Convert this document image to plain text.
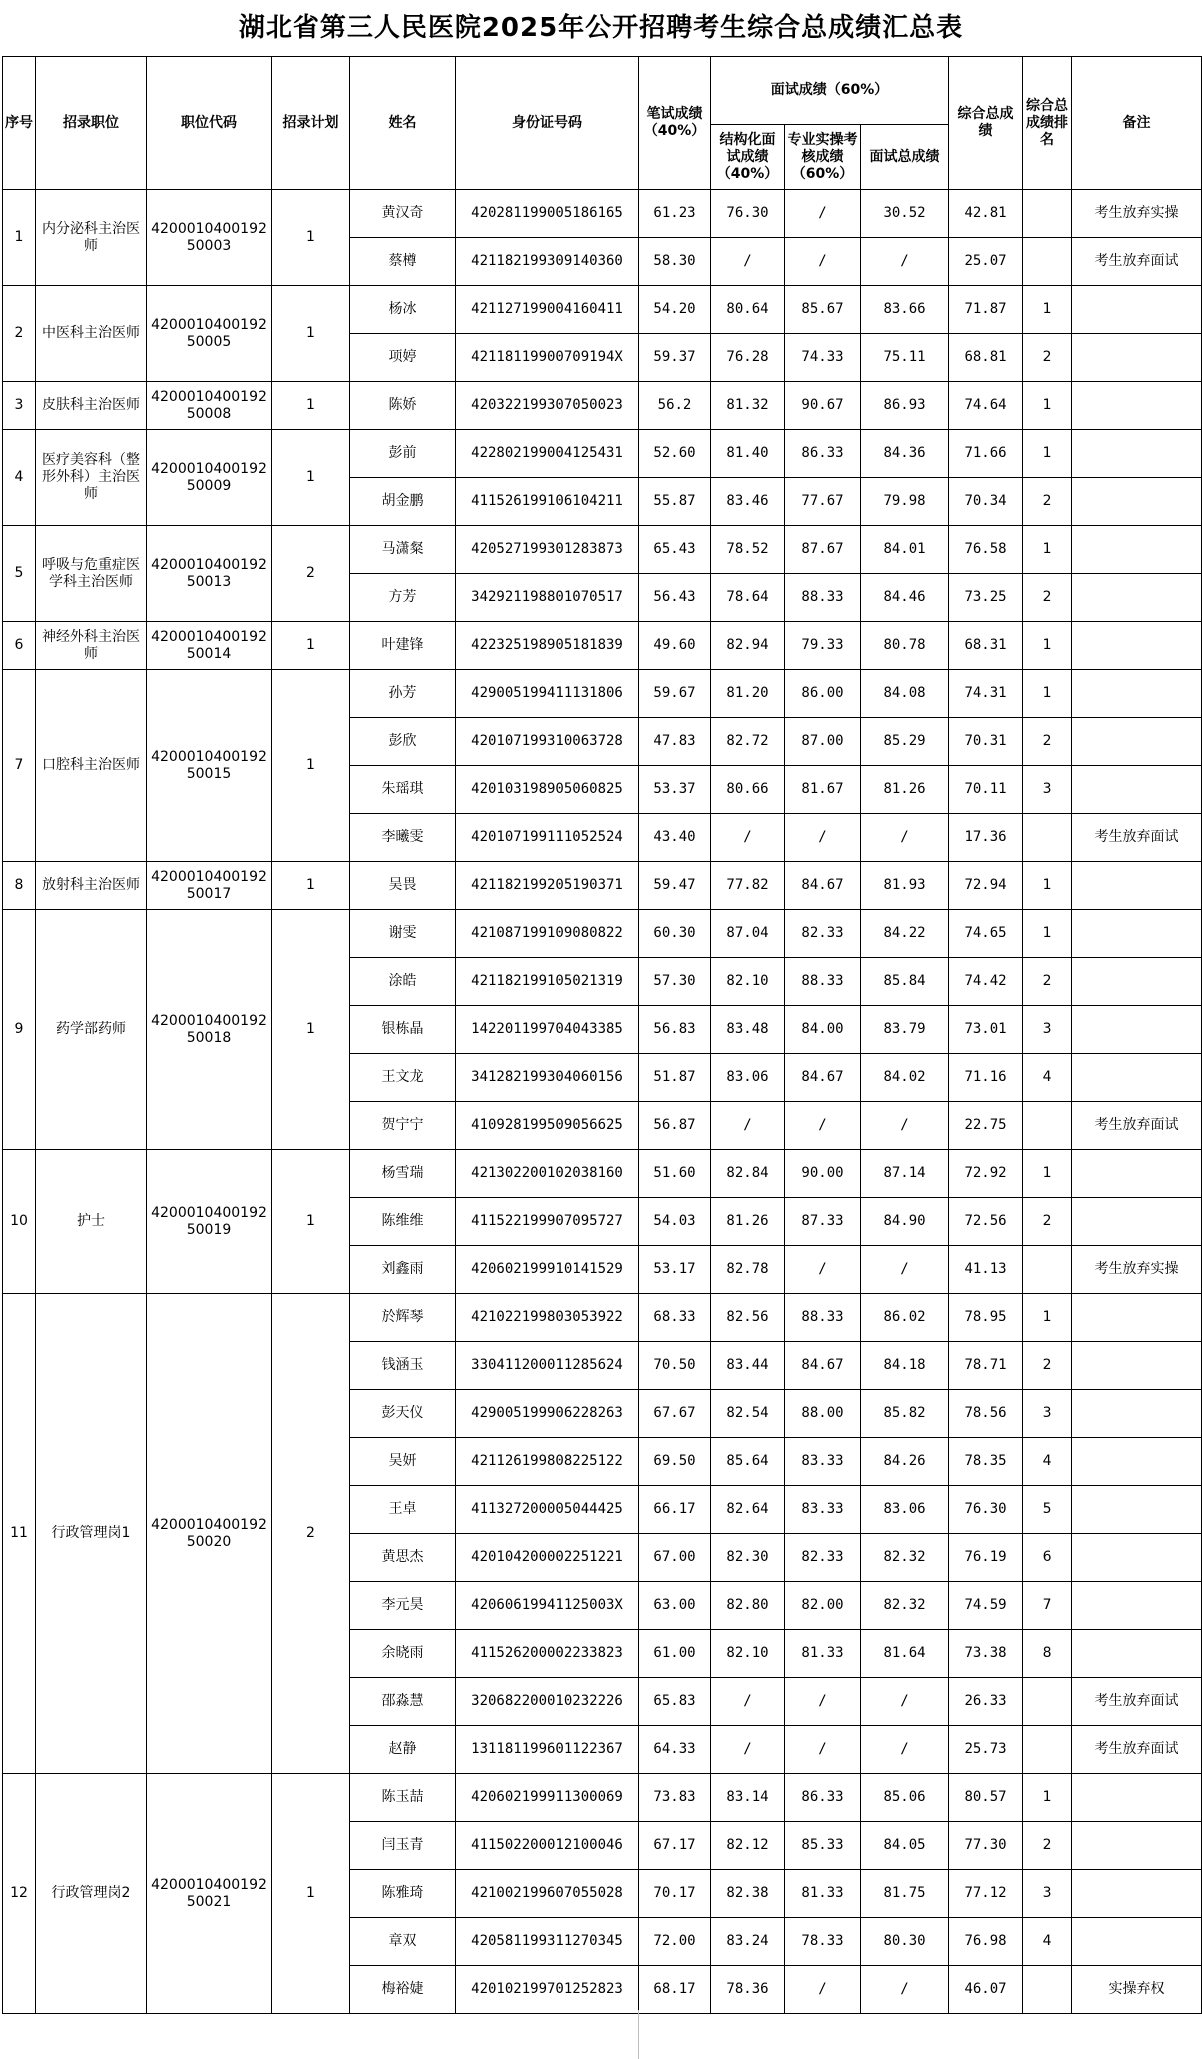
湖北省第三人民医院2025年公开招聘考生综合总成绩汇总表
序号	招录职位	职位代码	招录计划	姓名	身份证号码	笔试成绩（40%）	面试成绩（60%）			综合总成绩	综合总成绩排名	备注
							结构化面试成绩（40%）	专业实操考核成绩（60%）	面试总成绩			
1	内分泌科主治医师	420001040019250003	1	黄汉奇	420281199005186165	61.23	76.30	/	30.52	42.81		考生放弃实操
				蔡樽	421182199309140360	58.30	/	/	/	25.07		考生放弃面试
2	中医科主治医师	420001040019250005	1	杨冰	421127199004160411	54.20	80.64	85.67	83.66	71.87	1	
				项婷	42118119900709194X	59.37	76.28	74.33	75.11	68.81	2	
3	皮肤科主治医师	420001040019250008	1	陈娇	420322199307050023	56.2	81.32	90.67	86.93	74.64	1	
4	医疗美容科（整形外科）主治医师	420001040019250009	1	彭前	422802199004125431	52.60	81.40	86.33	84.36	71.66	1	
				胡金鹏	411526199106104211	55.87	83.46	77.67	79.98	70.34	2	
5	呼吸与危重症医学科主治医师	420001040019250013	2	马潇粲	420527199301283873	65.43	78.52	87.67	84.01	76.58	1	
				方芳	342921198801070517	56.43	78.64	88.33	84.46	73.25	2	
6	神经外科主治医师	420001040019250014	1	叶建锋	422325198905181839	49.60	82.94	79.33	80.78	68.31	1	
7	口腔科主治医师	420001040019250015	1	孙芳	429005199411131806	59.67	81.20	86.00	84.08	74.31	1	
				彭欣	420107199310063728	47.83	82.72	87.00	85.29	70.31	2	
				朱瑶琪	420103198905060825	53.37	80.66	81.67	81.26	70.11	3	
				李曦雯	420107199111052524	43.40	/	/	/	17.36		考生放弃面试
8	放射科主治医师	420001040019250017	1	吴畏	421182199205190371	59.47	77.82	84.67	81.93	72.94	1	
9	药学部药师	420001040019250018	1	谢雯	421087199109080822	60.30	87.04	82.33	84.22	74.65	1	
				涂皓	421182199105021319	57.30	82.10	88.33	85.84	74.42	2	
				银栋晶	142201199704043385	56.83	83.48	84.00	83.79	73.01	3	
				王文龙	341282199304060156	51.87	83.06	84.67	84.02	71.16	4	
				贺宁宁	410928199509056625	56.87	/	/	/	22.75		考生放弃面试
10	护士	420001040019250019	1	杨雪瑞	421302200102038160	51.60	82.84	90.00	87.14	72.92	1	
				陈维维	411522199907095727	54.03	81.26	87.33	84.90	72.56	2	
				刘鑫雨	420602199910141529	53.17	82.78	/	/	41.13		考生放弃实操
11	行政管理岗1	420001040019250020	2	於辉琴	421022199803053922	68.33	82.56	88.33	86.02	78.95	1	
				钱涵玉	330411200011285624	70.50	83.44	84.67	84.18	78.71	2	
				彭天仪	429005199906228263	67.67	82.54	88.00	85.82	78.56	3	
				吴妍	421126199808225122	69.50	85.64	83.33	84.26	78.35	4	
				王卓	411327200005044425	66.17	82.64	83.33	83.06	76.30	5	
				黄思杰	420104200002251221	67.00	82.30	82.33	82.32	76.19	6	
				李元昊	42060619941125003X	63.00	82.80	82.00	82.32	74.59	7	
				余晓雨	411526200002233823	61.00	82.10	81.33	81.64	73.38	8	
				邵淼慧	320682200010232226	65.83	/	/	/	26.33		考生放弃面试
				赵静	131181199601122367	64.33	/	/	/	25.73		考生放弃面试
12	行政管理岗2	420001040019250021	1	陈玉喆	420602199911300069	73.83	83.14	86.33	85.06	80.57	1	
				闫玉青	411502200012100046	67.17	82.12	85.33	84.05	77.30	2	
				陈雅琦	421002199607055028	70.17	82.38	81.33	81.75	77.12	3	
				章双	420581199311270345	72.00	83.24	78.33	80.30	76.98	4	
				梅裕婕	420102199701252823	68.17	78.36	/	/	46.07		实操弃权
